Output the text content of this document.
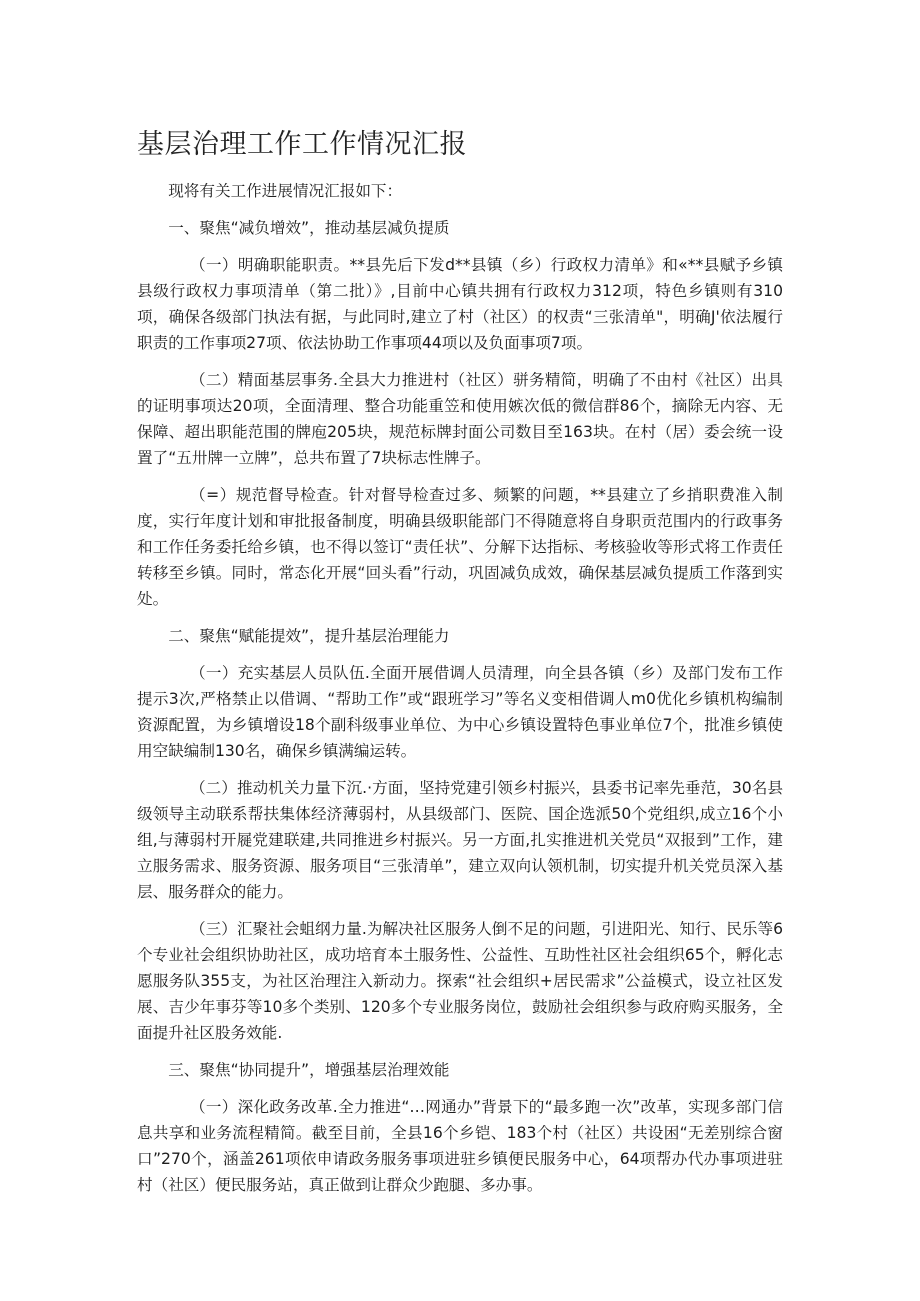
基层治理工作工作情况汇报

现将有关工作进展情况汇报如下：

一、聚焦“减负增效”，推动基层减负提质

（一）明确职能职责。**县先后下发d**县镇（乡）行政权力清单》和«**县赋予乡镇县级行政权力事项清单（第二批）》,目前中心镇共拥有行政权力312项，特色乡镇则有310项，确保各级部门执法有据，与此同时,建立了村（社区）的权责“三张清单"，明确J'依法履行职责的工作事项27项、依法协助工作事项44项以及负面事项7项。

（二）精面基层事务.全县大力推进村（社区）骈务精简，明确了不由村《社区）出具的证明事项达20项，全面清理、整合功能重笠和使用嫉次低的微信群86个，摘除无内容、无保障、超出职能范围的牌庖205块，规范标牌封面公司数目至163块。在村（居）委会统一设置了“五卅牌一立牌”，总共布置了7块标志性牌子。

（=）规范督导检查。针对督导检查过多、频繁的问题，**县建立了乡捎职费准入制度，实行年度计划和审批报备制度，明确县级职能部门不得随意将自身职贡范围内的行政事务和工作任务委托给乡镇，也不得以签订“责任状”、分解下达指标、考核验收等形式将工作责任转移至乡镇。同时，常态化开展“回头看”行动，巩固减负成效，确保基层减负提质工作落到实处。

二、聚焦“赋能提效”，提升基层治理能力

（一）充实基层人员队伍.全面开展借调人员清理，向全县各镇（乡）及部门发布工作提示3次,严格禁止以借调、“帮助工作”或“跟班学习”等名义变相借调人m0优化乡镇机构编制资源配置，为乡镇增设18个副科级事业单位、为中心乡镇设置特色事业单位7个，批准乡镇使用空缺编制130名，确保乡镇满编运转。

（二）推动机关力量下沉.·方面，坚持党建引领乡村振兴，县委书记率先垂范，30名县级领导主动联系帮扶集体经济薄弱村，从县级部门、医院、国企选派50个党组织,成立16个小组,与薄弱村开屣党建联建,共同推进乡村振兴。另一方面,扎实推进机关党员“双报到”工作，建立服务需求、服务资源、服务项目“三张清单”，建立双向认领机制，切实提升机关党员深入基层、服务群众的能力。

（三）汇聚社会蛆纲力量.为解决社区服务人倒不足的问题，引进阳光、知行、民乐等6个专业社会组织协助社区，成功培育本土服务性、公益性、互助性社区社会组织65个，孵化志愿服务队355支，为社区治理注入新动力。探索“社会组织+居民需求”公益模式，设立社区发展、吉少年事芬等10多个类别、120多个专业服务岗位，鼓励社会组织参与政府购买服务，全面提升社区股务效能.

三、聚焦“协同提升”，增强基层治理效能

（一）深化政务改革.全力推进“…网通办”背景下的“最多跑一次”改革，实现多部门信息共享和业务流程精简。截至目前，全县16个乡铠、183个村（社区）共设困“无差别综合窗口”270个，涵盖261项依申请政务服务事项进驻乡镇便民服务中心，64项帮办代办事项进驻村（社区）便民服务站，真正做到让群众少跑腿、多办事。
